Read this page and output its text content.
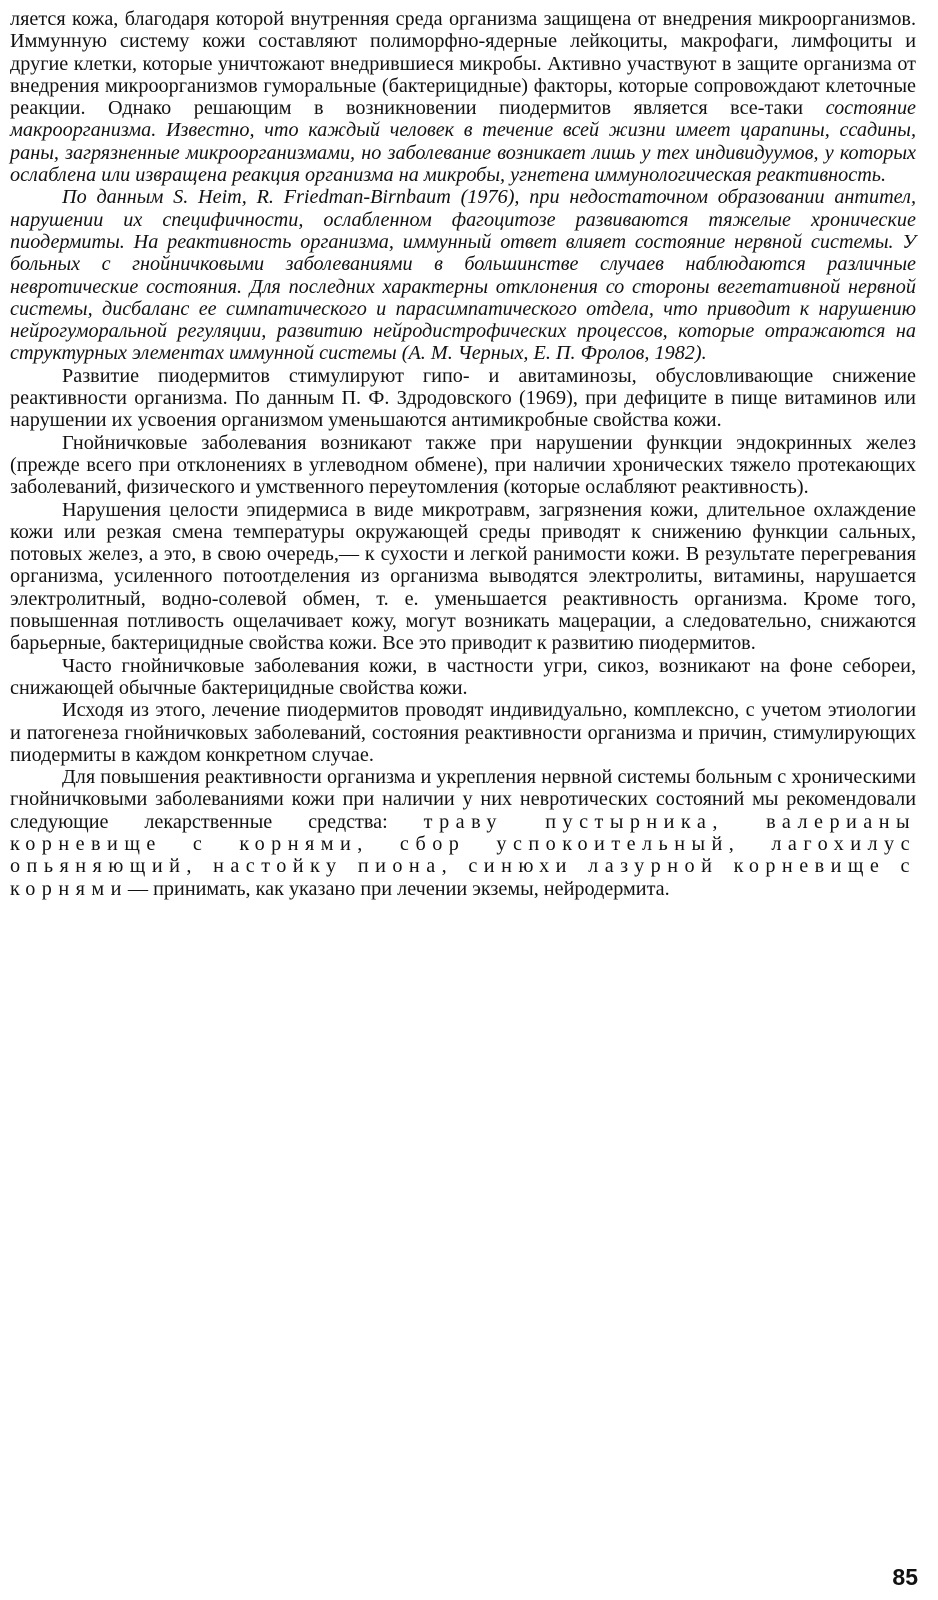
ляется кожа, благодаря которой внутренняя среда организма защищена от внедрения микроорганизмов. Иммунную систему кожи составляют полиморфно-ядерные лейкоциты, макрофаги, лимфоциты и другие клетки, которые уничтожают внедрившиеся микробы. Активно участвуют в защите организма от внедрения микроорганизмов гуморальные (бактерицидные) факторы, которые сопровождают клеточные реакции. Однако решающим в возникновении пиодермитов является все-таки состояние макроорганизма. Известно, что каждый человек в течение всей жизни имеет царапины, ссадины, раны, загрязненные микроорганизмами, но заболевание возникает лишь у тех индивидуумов, у которых ослаблена или извращена реакция организма на микробы, угнетена иммунологическая реактивность.

По данным S. Heim, R. Friedman-Birnbaum (1976), при недостаточном образовании антител, нарушении их специфичности, ослабленном фагоцитозе развиваются тяжелые хронические пиодермиты. На реактивность организма, иммунный ответ влияет состояние нервной системы. У больных с гнойничковыми заболеваниями в большинстве случаев наблюдаются различные невротические состояния. Для последних характерны отклонения со стороны вегетативной нервной системы, дисбаланс ее симпатического и парасимпатического отдела, что приводит к нарушению нейрогуморальной регуляции, развитию нейродистрофических процессов, которые отражаются на структурных элементах иммунной системы (А. М. Черных, Е. П. Фролов, 1982).

Развитие пиодермитов стимулируют гипо- и авитаминозы, обусловливающие снижение реактивности организма. По данным П. Ф. Здродовского (1969), при дефиците в пище витаминов или нарушении их усвоения организмом уменьшаются антимикробные свойства кожи.

Гнойничковые заболевания возникают также при нарушении функции эндокринных желез (прежде всего при отклонениях в углеводном обмене), при наличии хронических тяжело протекающих заболеваний, физического и умственного переутомления (которые ослабляют реактивность).

Нарушения целости эпидермиса в виде микротравм, загрязнения кожи, длительное охлаждение кожи или резкая смена температуры окружающей среды приводят к снижению функции сальных, потовых желез, а это, в свою очередь,— к сухости и легкой ранимости кожи. В результате перегревания организма, усиленного потоотделения из организма выводятся электролиты, витамины, нарушается электролитный, водно-солевой обмен, т. е. уменьшается реактивность организма. Кроме того, повышенная потливость ощелачивает кожу, могут возникать мацерации, а следовательно, снижаются барьерные, бактерицидные свойства кожи. Все это приводит к развитию пиодермитов.

Часто гнойничковые заболевания кожи, в частности угри, сикоз, возникают на фоне себореи, снижающей обычные бактерицидные свойства кожи.

Исходя из этого, лечение пиодермитов проводят индивидуально, комплексно, с учетом этиологии и патогенеза гнойничковых заболеваний, состояния реактивности организма и причин, стимулирующих пиодермиты в каждом конкретном случае.

Для повышения реактивности организма и укрепления нервной системы больным с хроническими гнойничковыми заболеваниями кожи при наличии у них невротических состояний мы рекомендовали следующие лекарственные средства: траву пустырника, валерианы корневище с корнями, сбор успокоительный, лагохилус опьяняющий, настойку пиона, синюхи лазурной корневище с корнями— принимать, как указано при лечении экземы, нейродермита.

85
